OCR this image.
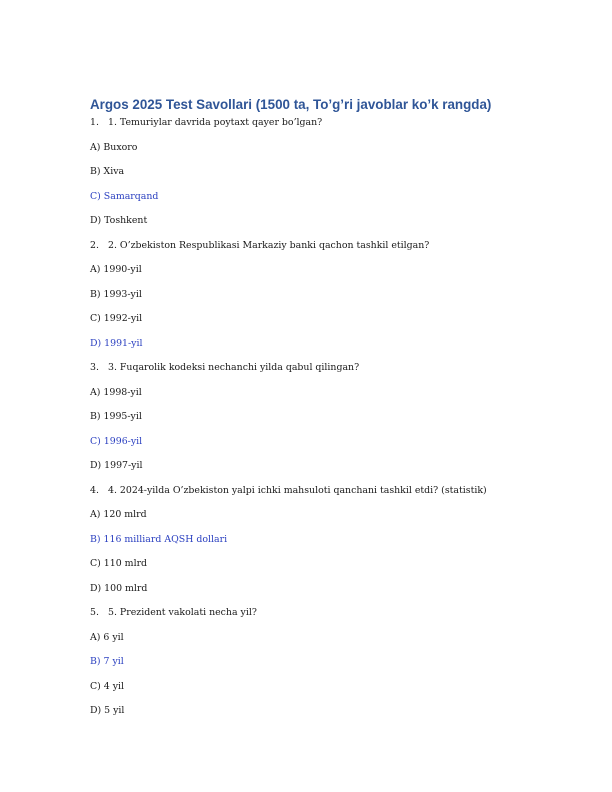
Argos 2025 Test Savollari (1500 ta, To’g’ri javoblar ko’k rangda)
1. 1. Temuriylar davrida poytaxt qayer bo’lgan?
A) Buxoro
B) Xiva
C) Samarqand
D) Toshkent
2. 2. O’zbekiston Respublikasi Markaziy banki qachon tashkil etilgan?
A) 1990-yil
B) 1993-yil
C) 1992-yil
D) 1991-yil
3. 3. Fuqarolik kodeksi nechanchi yilda qabul qilingan?
A) 1998-yil
B) 1995-yil
C) 1996-yil
D) 1997-yil
4. 4. 2024-yilda O’zbekiston yalpi ichki mahsuloti qanchani tashkil etdi? (statistik)
A) 120 mlrd
B) 116 milliard AQSH dollari
C) 110 mlrd
D) 100 mlrd
5. 5. Prezident vakolati necha yil?
A) 6 yil
B) 7 yil
C) 4 yil
D) 5 yil
